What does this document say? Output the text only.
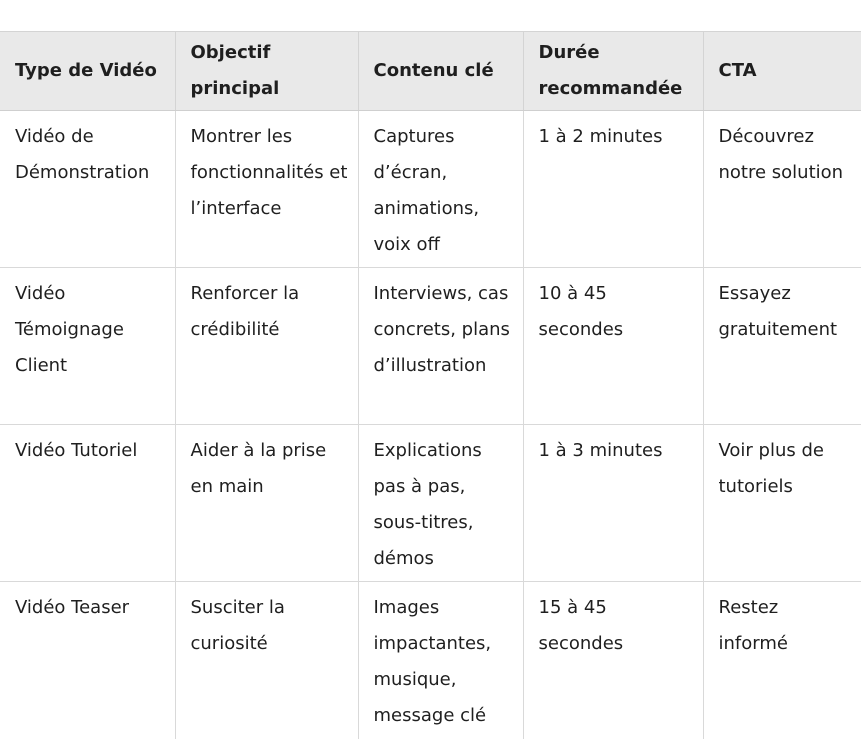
Type de Vidéo	Objectif principal	Contenu clé	Durée recommandée	CTA
Vidéo de Démonstration	Montrer les fonctionnalités et l’interface	Captures d’écran, animations, voix off	1 à 2 minutes	Découvrez notre solution
Vidéo Témoignage Client	Renforcer la crédibilité	Interviews, cas concrets, plans d’illustration	10 à 45 secondes	Essayez gratuitement
Vidéo Tutoriel	Aider à la prise en main	Explications pas à pas, sous-titres, démos	1 à 3 minutes	Voir plus de tutoriels
Vidéo Teaser	Susciter la curiosité	Images impactantes, musique, message clé	15 à 45 secondes	Restez informé
